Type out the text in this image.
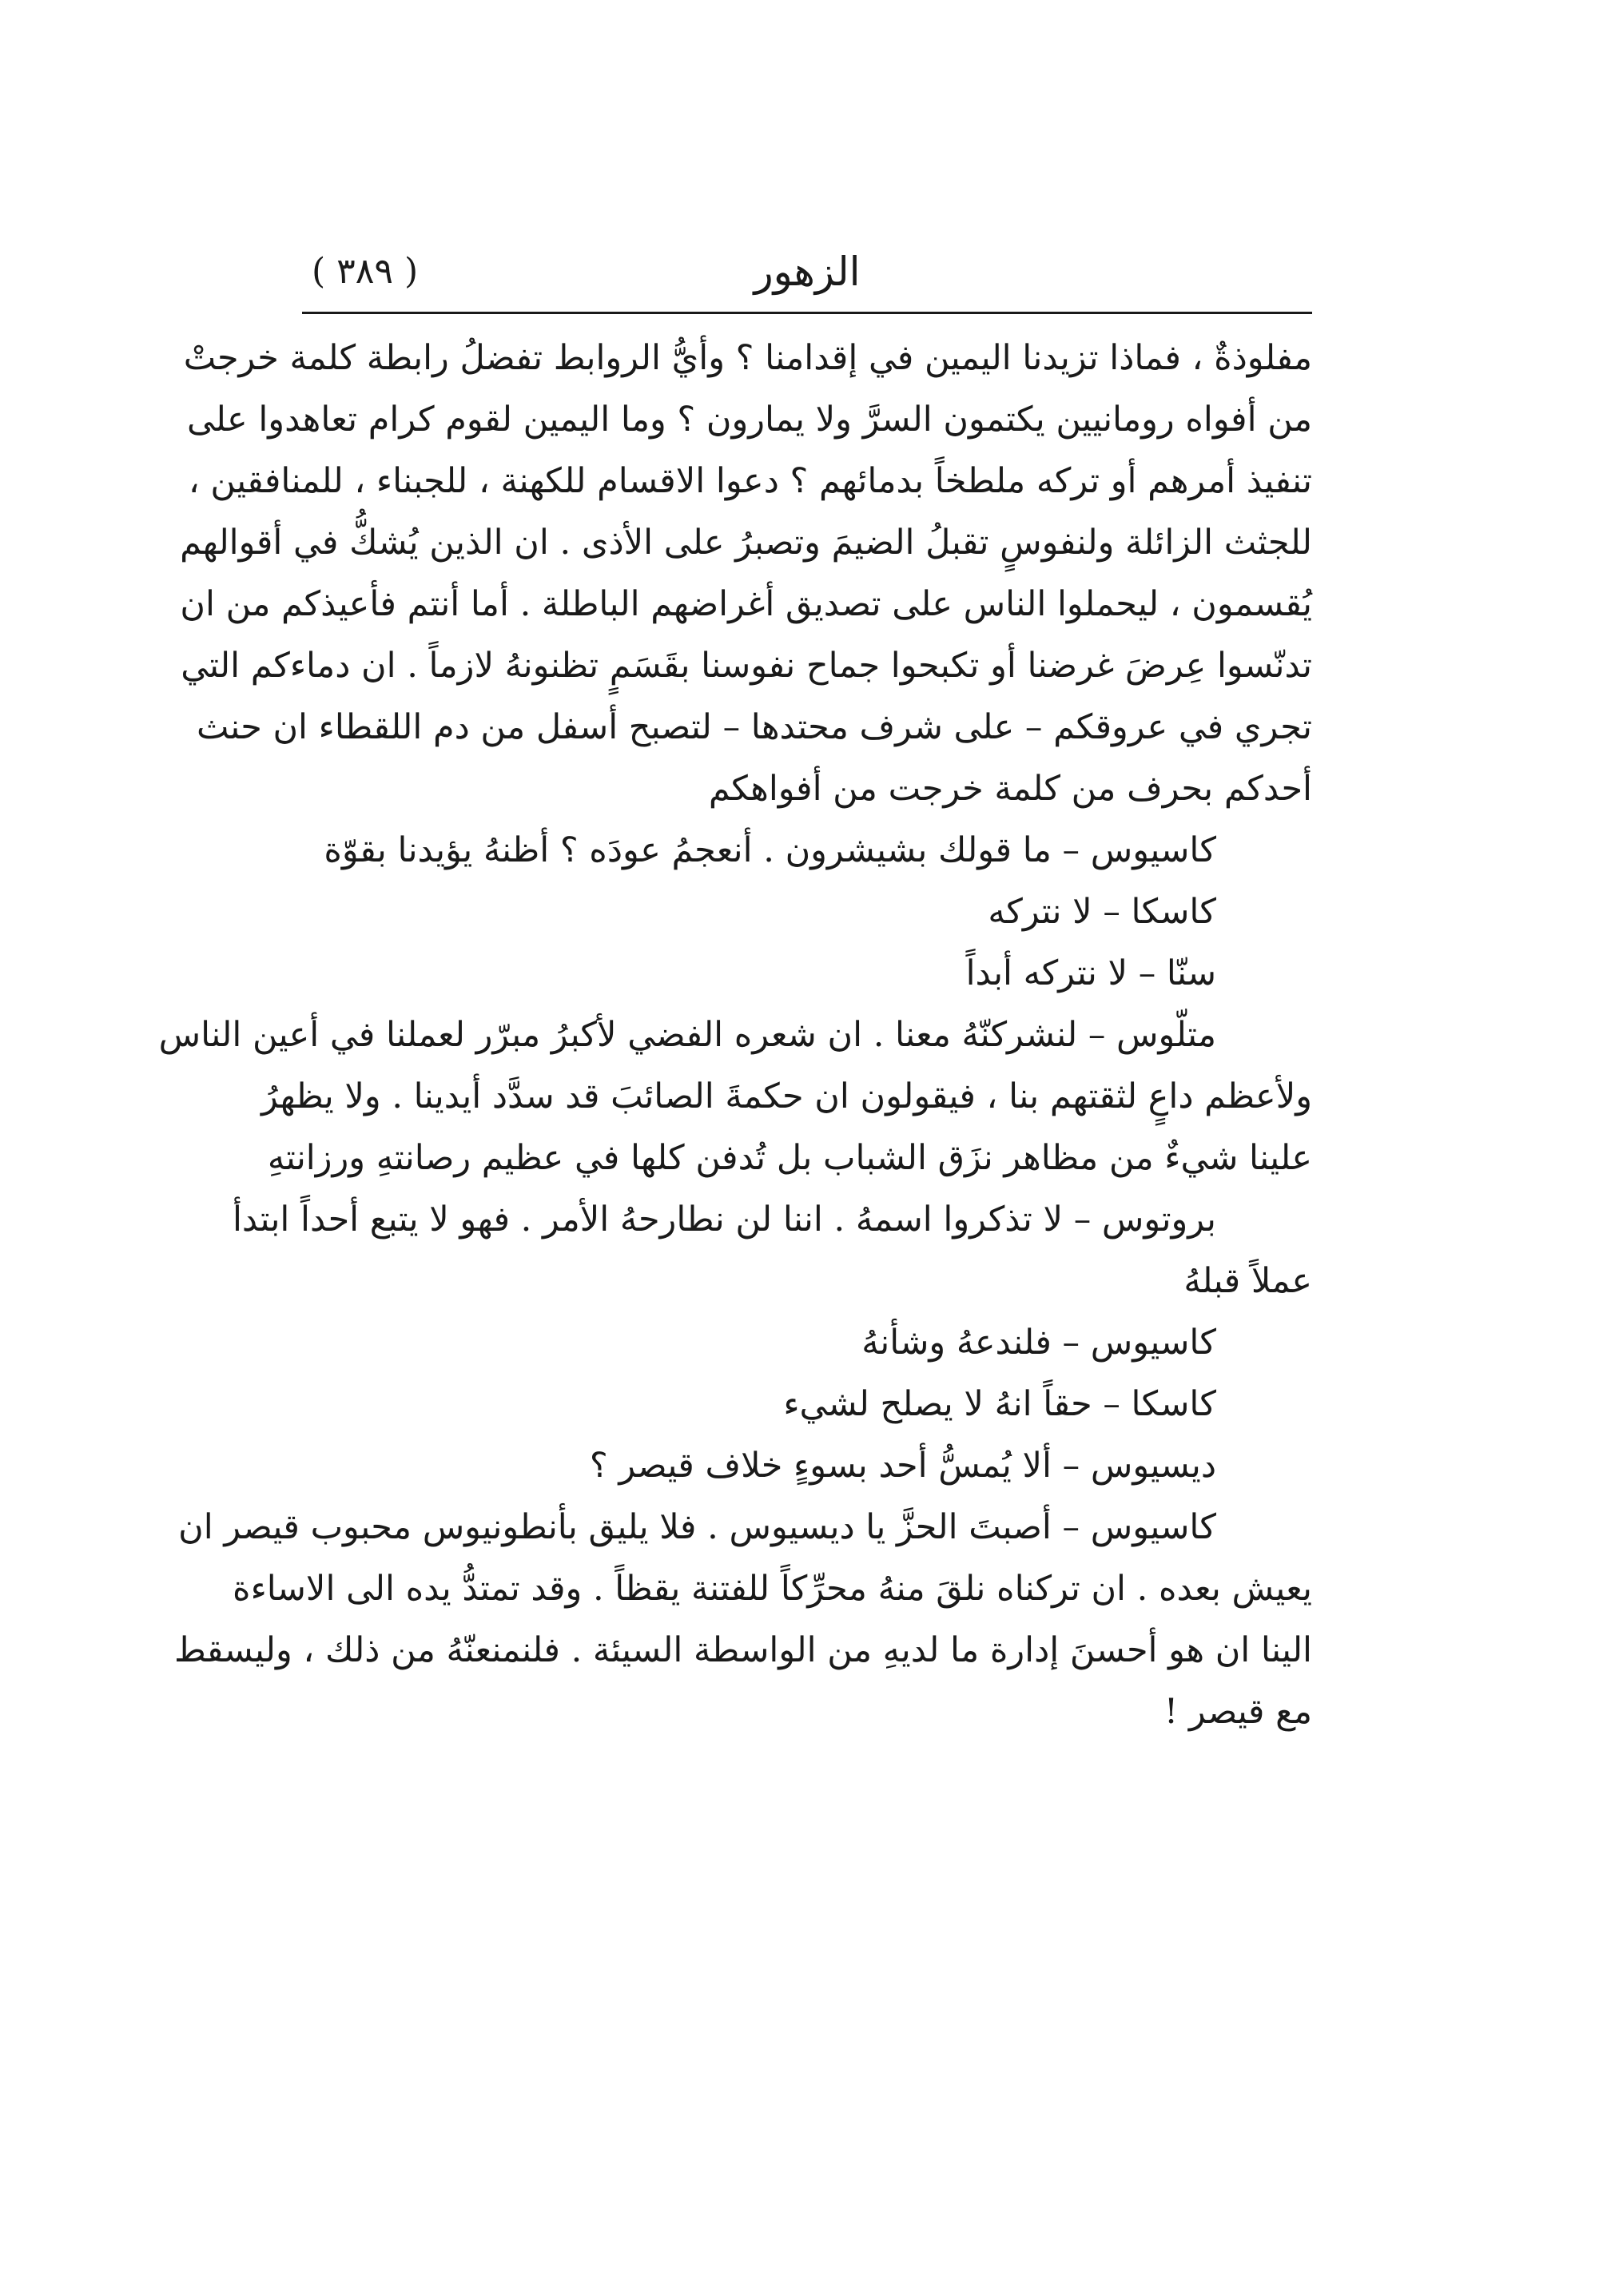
الزهور
( ٣٨٩ )
مفلوذةٌ ، فماذا تزيدنا اليمين في إقدامنا ؟ وأيُّ الروابط تفضلُ رابطة كلمة خرجتْ
من أفواه رومانيين يكتمون السرَّ ولا يمارون ؟ وما اليمين لقوم كرام تعاهدوا على
تنفيذ أمرهم أو تركه ملطخاً بدمائهم ؟ دعوا الاقسام للكهنة ، للجبناء ، للمنافقين ،
للجثث الزائلة ولنفوسٍ تقبلُ الضيمَ وتصبرُ على الأذى . ان الذين يُشكُّ في أقوالهم
يُقسمون ، ليحملوا الناس على تصديق أغراضهم الباطلة . أما أنتم فأعيذكم من ان
تدنّسوا عِرضَ غرضنا أو تكبحوا جماح نفوسنا بقَسَمٍ تظنونهُ لازماً . ان دماءكم التي
تجري في عروقكم – على شرف محتدها – لتصبح أسفل من دم اللقطاء ان حنث
أحدكم بحرف من كلمة خرجت من أفواهكم
كاسيوس – ما قولك بشيشرون . أنعجمُ عودَه ؟ أظنهُ يؤيدنا بقوّة
كاسكا – لا نتركه
سنّا – لا نتركه أبداً
متلّوس – لنشركنّهُ معنا . ان شعره الفضي لأكبرُ مبرّر لعملنا في أعين الناس
ولأعظم داعٍ لثقتهم بنا ، فيقولون ان حكمةَ الصائبَ قد سدَّد أيدينا . ولا يظهرُ
علينا شيءٌ من مظاهر نزَق الشباب بل تُدفن كلها في عظيم رصانتهِ ورزانتهِ
بروتوس – لا تذكروا اسمهُ . اننا لن نطارحهُ الأمر . فهو لا يتبع أحداً ابتدأ
عملاً قبلهُ
كاسيوس – فلندعهُ وشأنهُ
كاسكا – حقاً انهُ لا يصلح لشيء
ديسيوس – ألا يُمسُّ أحد بسوءٍ خلاف قيصر ؟
كاسيوس – أصبتَ الحزَّ يا ديسيوس . فلا يليق بأنطونيوس محبوب قيصر ان
يعيش بعده . ان تركناه نلقَ منهُ محرِّكاً للفتنة يقظاً . وقد تمتدُّ يده الى الاساءة
الينا ان هو أحسنَ إدارة ما لديهِ من الواسطة السيئة . فلنمنعنّهُ من ذلك ، وليسقط
مع قيصر !
